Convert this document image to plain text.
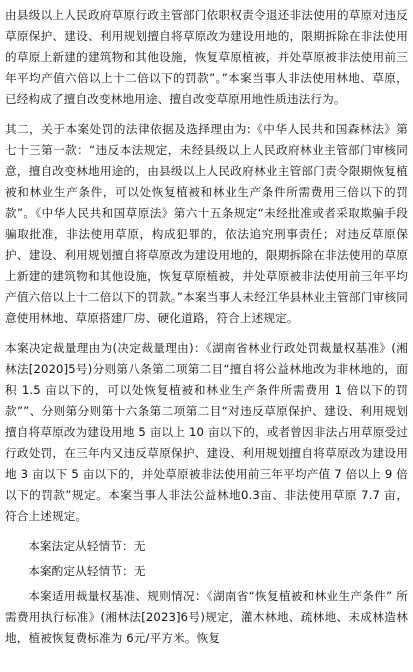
由县级以上人民政府草原行政主管部门依职权责令退还非法使用的草原对违反草原保护、建设、利用规划擅自将草原改为建设用地的，限期拆除在非法使用的草原上新建的建筑物和其他设施，恢复草原植被，并处草原被非法使用前三年平均产值六倍以上十二倍以下的罚款”。”本案当事人非法使用林地、草原，已经构成了擅自改变林地用途、擅自改变草原用地性质违法行为。

其二，关于本案处罚的法律依据及选择理由为:《中华人民共和国森林法》第七十三第一款：“违反本法规定，未经县级以上人民政府林业主管部门审核同意，擅自改变林地用途的，由县级以上人民政府林业主管部门责令限期恢复植被和林业生产条件，可以处恢复植被和林业生产条件所需费用三倍以下的罚款”。《中华人民共和国草原法》第六十五条规定“未经批准或者采取欺骗手段骗取批准，非法使用草原，构成犯罪的，依法追究刑事责任；对违反草原保护、建设、利用规划擅自将草原改为建设用地的，限期拆除在非法使用的草原上新建的建筑物和其他设施，恢复草原植被，并处草原被非法使用前三年平均产值六倍以上十二倍以下的罚款。”本案当事人未经江华县林业主管部门审核同意使用林地、草原搭建厂房、硬化道路，符合上述规定。

本案决定裁量理由为(决定裁量理由)：《湖南省林业行政处罚裁量权基准》(湘林法[2020]5号)分则第八条第二项第二目“擅自将公益林地改为非林地的，面积 1.5 亩以下的，可以处恢复植被和林业生产条件所需费用 1 倍以下的罚款””、分则第分则第十六条第二项第二目“对违反草原保护、建设、利用规划擅自将草原改为建设用地 5 亩以上 10 亩以下的，或者曾因非法占用草原受过行政处罚，在三年内又违反草原保护、建设、利用规划擅自将草原改为建设用地 3 亩以下 5 亩以下的，并处草原被非法使用前三年平均产值 7 倍以上 9 倍以下的罚款”规定。本案当事人非法公益林地0.3亩、非法使用草原 7.7 亩，符合上述规定。

本案法定从轻情节：无

本案酌定从轻情节：无

本案适用裁量权基准、规则情况：《湖南省“恢复植被和林业生产条件” 所需费用执行标准》(湘林法[2023]6号)规定，灌木林地、疏林地、未成林造林地，植被恢复费标准为 6元/平方米。恢复
